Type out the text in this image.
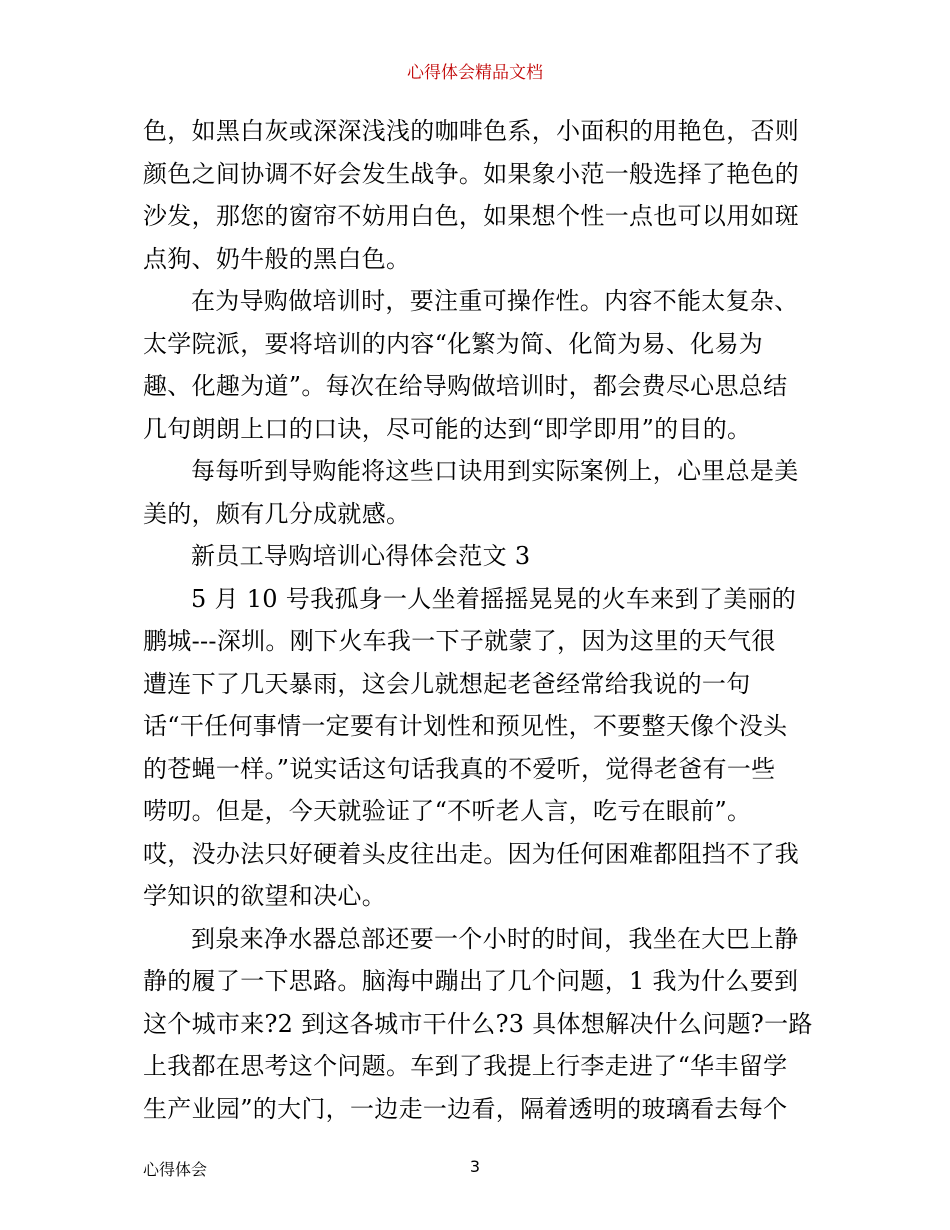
心得体会精品文档
色，如黑白灰或深深浅浅的咖啡色系，小面积的用艳色，否则
颜色之间协调不好会发生战争。如果象小范一般选择了艳色的
沙发，那您的窗帘不妨用白色，如果想个性一点也可以用如斑
点狗、奶牛般的黑白色。
在为导购做培训时，要注重可操作性。内容不能太复杂、
太学院派，要将培训的内容“化繁为简、化简为易、化易为
趣、化趣为道”。每次在给导购做培训时，都会费尽心思总结
几句朗朗上口的口诀，尽可能的达到“即学即用”的目的。
每每听到导购能将这些口诀用到实际案例上，心里总是美
美的，颇有几分成就感。
新员工导购培训心得体会范文 3
5 月 10 号我孤身一人坐着摇摇晃晃的火车来到了美丽的
鹏城---深圳。刚下火车我一下子就蒙了，因为这里的天气很
遭连下了几天暴雨，这会儿就想起老爸经常给我说的一句
话“干任何事情一定要有计划性和预见性，不要整天像个没头
的苍蝇一样。”说实话这句话我真的不爱听，觉得老爸有一些
唠叨。但是，今天就验证了“不听老人言，吃亏在眼前”。
哎，没办法只好硬着头皮往出走。因为任何困难都阻挡不了我
学知识的欲望和决心。
到泉来净水器总部还要一个小时的时间，我坐在大巴上静
静的履了一下思路。脑海中蹦出了几个问题，1 我为什么要到
这个城市来?2 到这各城市干什么?3 具体想解决什么问题?一路
上我都在思考这个问题。车到了我提上行李走进了“华丰留学
生产业园”的大门，一边走一边看，隔着透明的玻璃看去每个
心得体会	3
